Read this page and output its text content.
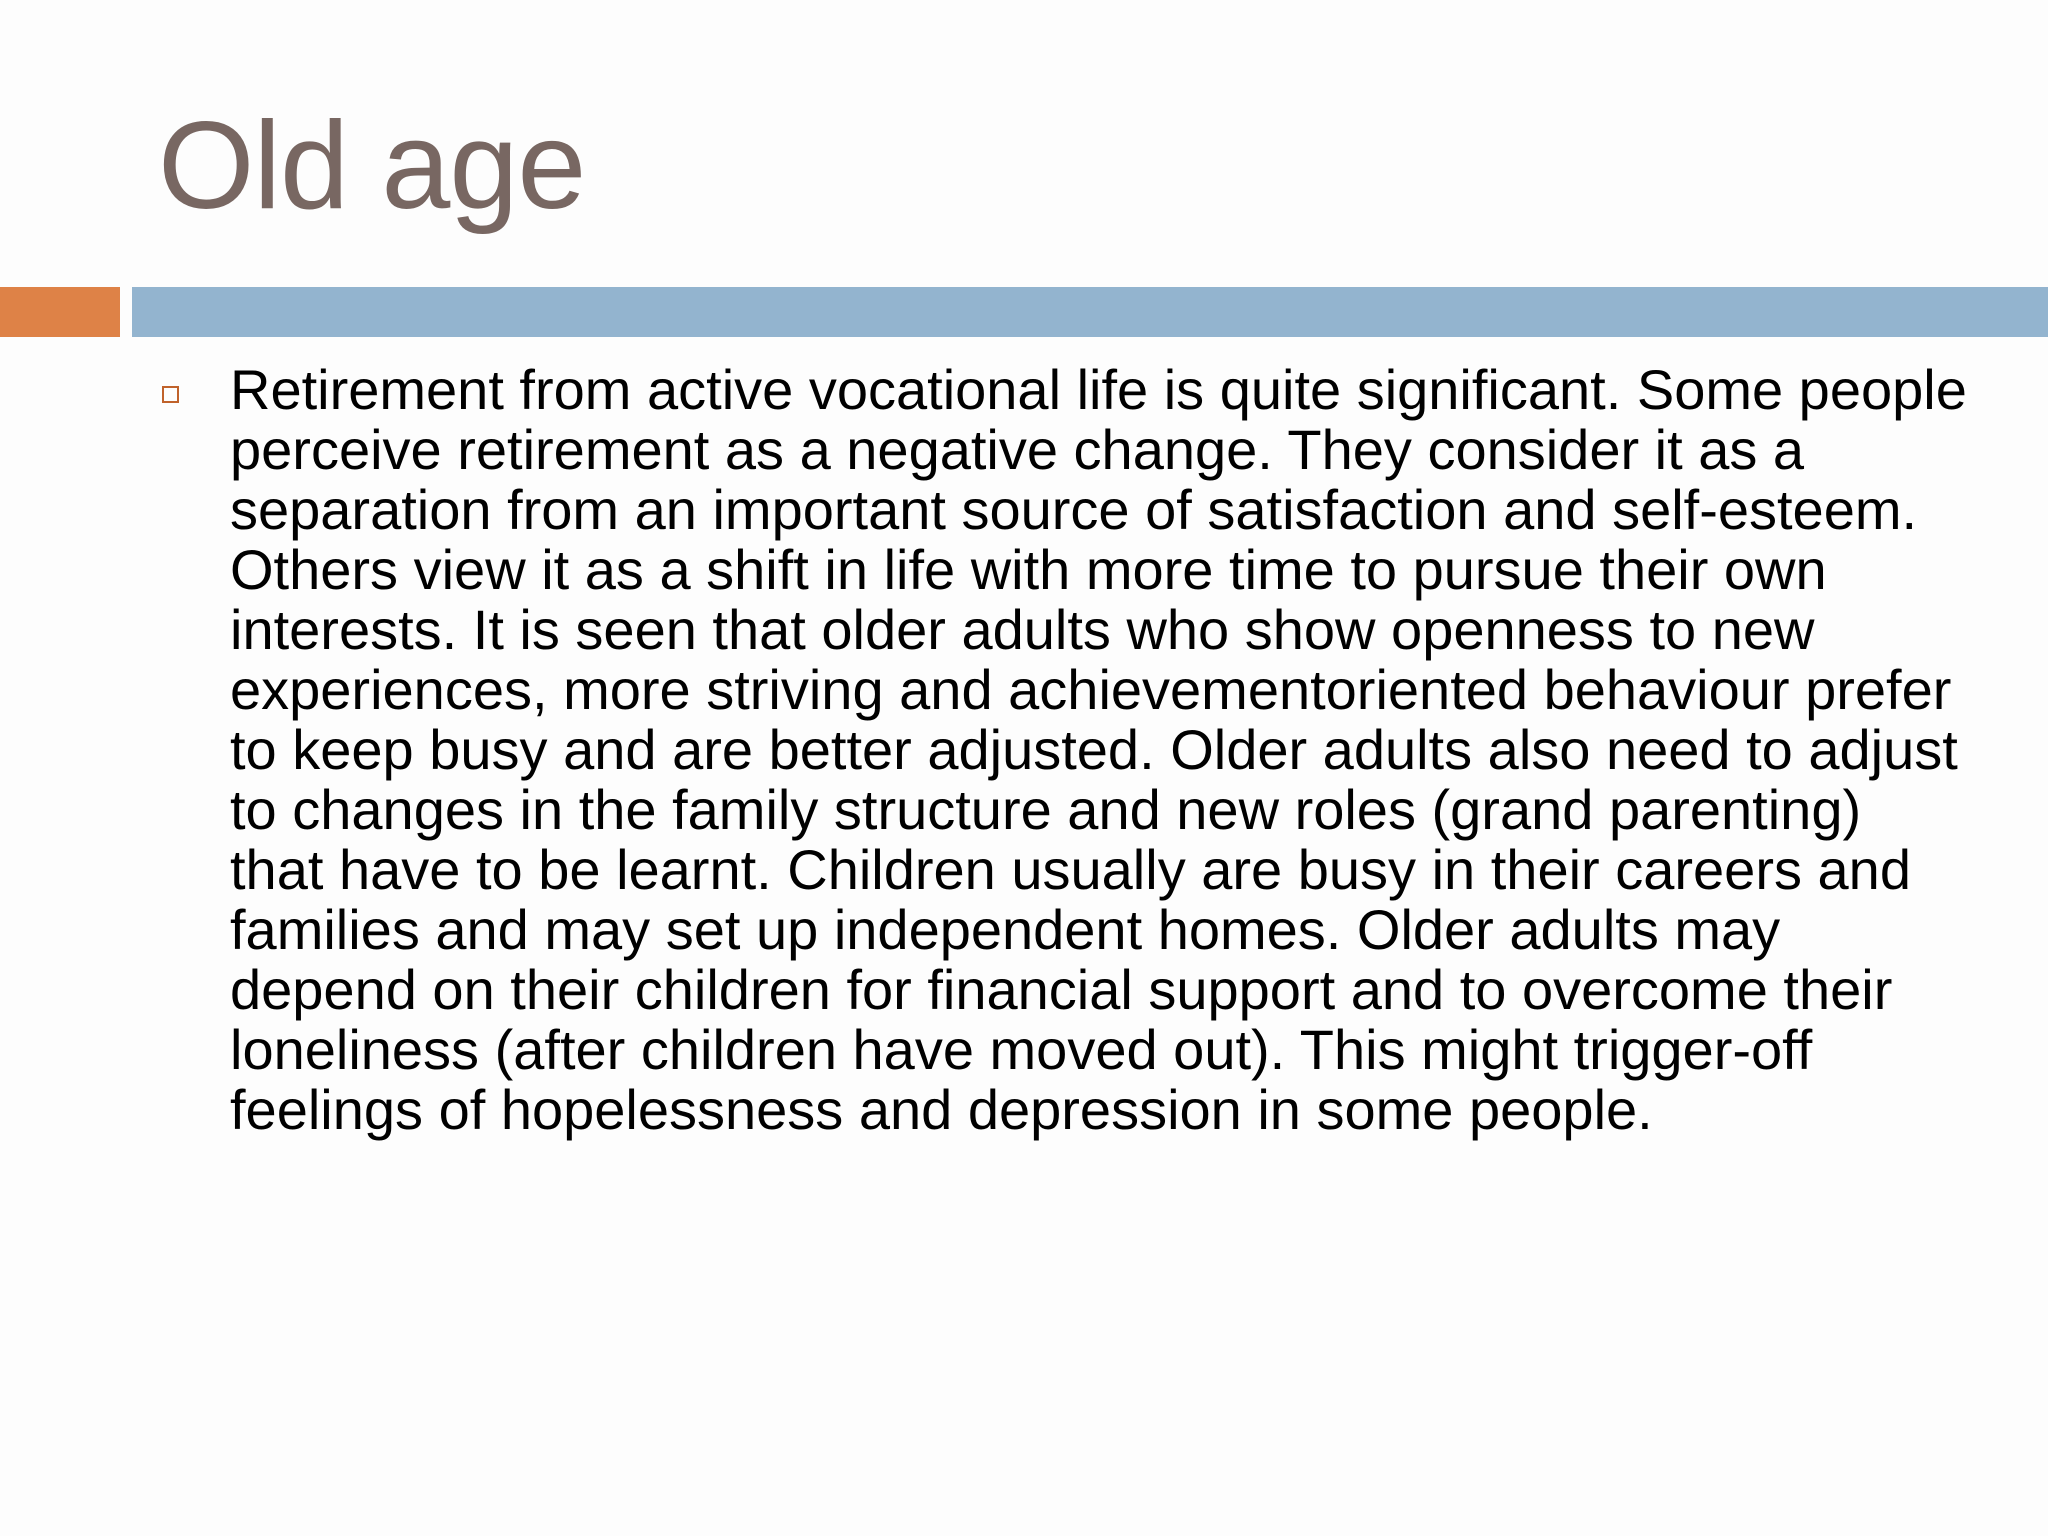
Old age
Retirement from active vocational life is quite significant. Some people perceive retirement as a negative change. They consider it as a separation from an important source of satisfaction and self-esteem. Others view it as a shift in life with more time to pursue their own interests. It is seen that older adults who show openness to new experiences, more striving and achievementoriented behaviour prefer to keep busy and are better adjusted. Older adults also need to adjust to changes in the family structure and new roles (grand parenting) that have to be learnt. Children usually are busy in their careers and families and may set up independent homes. Older adults may depend on their children for financial support and to overcome their loneliness (after children have moved out). This might trigger-off feelings of hopelessness and depression in some people.
